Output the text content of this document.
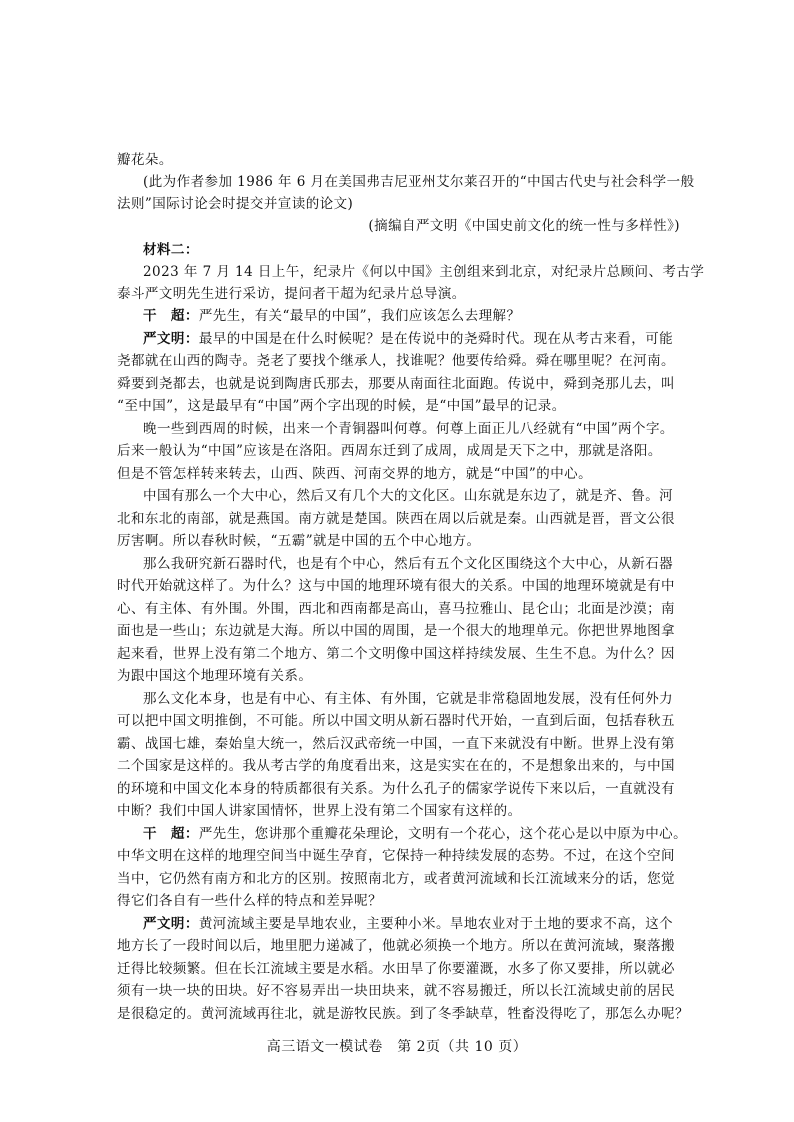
瓣花朵。
(此为作者参加 1986 年 6 月在美国弗吉尼亚州艾尔莱召开的“中国古代史与社会科学一般
法则”国际讨论会时提交并宣读的论文)
(摘编自严文明《中国史前文化的统一性与多样性》)
材料二：
2023 年 7 月 14 日上午，纪录片《何以中国》主创组来到北京，对纪录片总顾问、考古学
泰斗严文明先生进行采访，提问者干超为纪录片总导演。
干　超：严先生，有关“最早的中国”，我们应该怎么去理解？
严文明：最早的中国是在什么时候呢？是在传说中的尧舜时代。现在从考古来看，可能
尧都就在山西的陶寺。尧老了要找个继承人，找谁呢？他要传给舜。舜在哪里呢？在河南。
舜要到尧都去，也就是说到陶唐氏那去，那要从南面往北面跑。传说中，舜到尧那儿去，叫
“至中国”，这是最早有“中国”两个字出现的时候，是“中国”最早的记录。
晚一些到西周的时候，出来一个青铜器叫何尊。何尊上面正儿八经就有“中国”两个字。
后来一般认为“中国”应该是在洛阳。西周东迁到了成周，成周是天下之中，那就是洛阳。
但是不管怎样转来转去，山西、陕西、河南交界的地方，就是“中国”的中心。
中国有那么一个大中心，然后又有几个大的文化区。山东就是东边了，就是齐、鲁。河
北和东北的南部，就是燕国。南方就是楚国。陕西在周以后就是秦。山西就是晋，晋文公很
厉害啊。所以春秋时候，“五霸”就是中国的五个中心地方。
那么我研究新石器时代，也是有个中心，然后有五个文化区围绕这个大中心，从新石器
时代开始就这样了。为什么？这与中国的地理环境有很大的关系。中国的地理环境就是有中
心、有主体、有外围。外围，西北和西南都是高山，喜马拉雅山、昆仑山；北面是沙漠；南
面也是一些山；东边就是大海。所以中国的周围，是一个很大的地理单元。你把世界地图拿
起来看，世界上没有第二个地方、第二个文明像中国这样持续发展、生生不息。为什么？因
为跟中国这个地理环境有关系。
那么文化本身，也是有中心、有主体、有外围，它就是非常稳固地发展，没有任何外力
可以把中国文明推倒，不可能。所以中国文明从新石器时代开始，一直到后面，包括春秋五
霸、战国七雄，秦始皇大统一，然后汉武帝统一中国，一直下来就没有中断。世界上没有第
二个国家是这样的。我从考古学的角度看出来，这是实实在在的，不是想象出来的，与中国
的环境和中国文化本身的特质都很有关系。为什么孔子的儒家学说传下来以后，一直就没有
中断？我们中国人讲家国情怀，世界上没有第二个国家有这样的。
干　超：严先生，您讲那个重瓣花朵理论，文明有一个花心，这个花心是以中原为中心。
中华文明在这样的地理空间当中诞生孕育，它保持一种持续发展的态势。不过，在这个空间
当中，它仍然有南方和北方的区别。按照南北方，或者黄河流域和长江流域来分的话，您觉
得它们各自有一些什么样的特点和差异呢？
严文明：黄河流域主要是旱地农业，主要种小米。旱地农业对于土地的要求不高，这个
地方长了一段时间以后，地里肥力递减了，他就必须换一个地方。所以在黄河流域，聚落搬
迁得比较频繁。但在长江流域主要是水稻。水田旱了你要灌溉，水多了你又要排，所以就必
须有一块一块的田块。好不容易弄出一块田块来，就不容易搬迁，所以长江流域史前的居民
是很稳定的。黄河流域再往北，就是游牧民族。到了冬季缺草，牲畜没得吃了，那怎么办呢？
高三语文一模试卷　第 2页（共 10 页）
